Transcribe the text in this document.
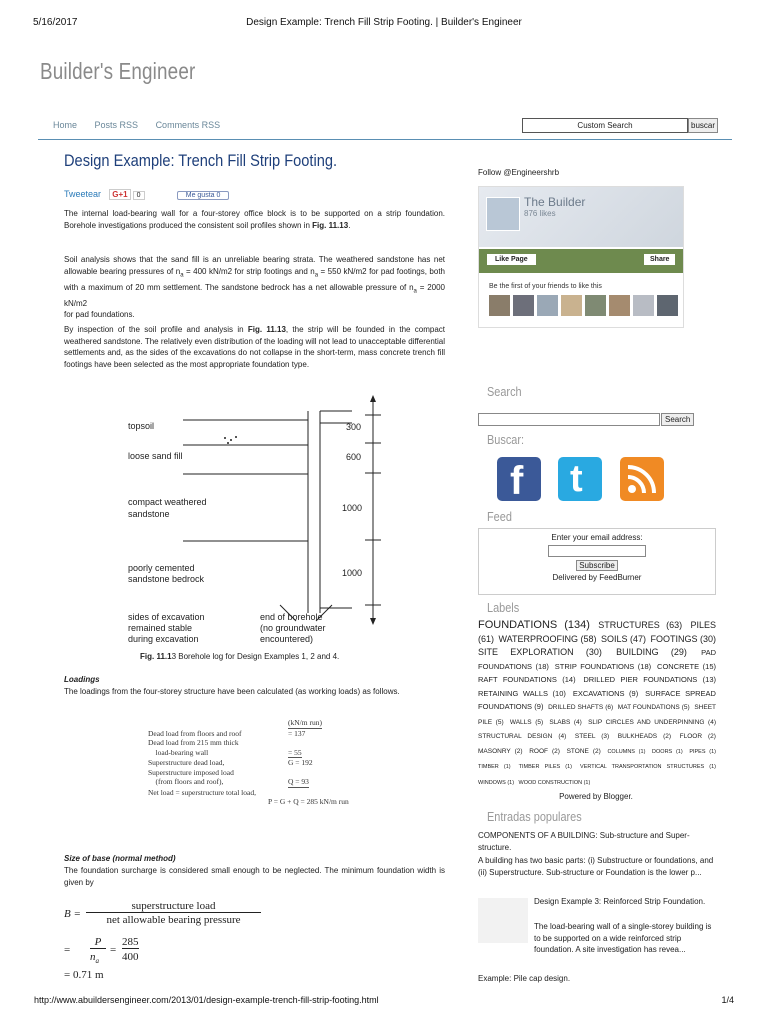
5/16/2017	Design Example: Trench Fill Strip Footing. | Builder's Engineer
Builder's Engineer
Home Posts RSS Comments RSS	Custom Search	buscar
Design Example: Trench Fill Strip Footing.
Tweetear G+1 0	Me gusta 0
The internal load-bearing wall for a four-storey office block is to be supported on a strip foundation. Borehole investigations produced the consistent soil profiles shown in Fig. 11.13.
Soil analysis shows that the sand fill is an unreliable bearing strata. The weathered sandstone has net allowable bearing pressures of $n_a = 400$ kN/m2 for strip footings and $n_a = 550$ kN/m2 for pad footings, both with a maximum of 20 mm settlement. The sandstone bedrock has a net allowable pressure of $n_a = 2000$ kN/m2
for pad foundations.
By inspection of the soil profile and analysis in Fig. 11.13, the strip will be founded in the compact weathered sandstone. The relatively even distribution of the loading will not lead to unacceptable differential settlements and, as the sides of the excavations do not collapse in the short-term, mass concrete trench fill footings have been selected as the most appropriate foundation type.
topsoil
loose sand fill
compact weathered
sandstone
poorly cemented
sandstone bedrock
300
600
1000
1000
sides of excavation
remained stable
during excavation
end of borehole
(no groundwater
encountered)
Fig. 11.13 Borehole log for Design Examples 1, 2 and 4.
Loadings
The loadings from the four-storey structure have been calculated (as working loads) as follows.
(kN/m run)
Dead load from floors and roof	= 137
Dead load from 215 mm thick
load-bearing wall	= 55
Superstructure dead load,	G = 192
Superstructure imposed load
(from floors and roof),	Q = 93
Net load = superstructure total load,
P = G + Q = 285 kN/m run
Size of base (normal method)
The foundation surcharge is considered small enough to be neglected. The minimum foundation width is given by
B =
superstructure load
net allowable bearing pressure
=
P
$n_a$
=
285
400
= 0.71 m
Follow @Engineershrb
The Builder
876 likes
Like Page	Share
Be the first of your friends to like this
Search
Search
Buscar:
f t
Feed
Enter your email address:
Subscribe
Delivered by FeedBurner
Labels
FOUNDATIONS (134) STRUCTURES (63) PILES (61) WATERPROOFING (58) SOILS (47) FOOTINGS (30) SITE EXPLORATION (30) BUILDING (29) PAD FOUNDATIONS (18) STRIP FOUNDATIONS (18) CONCRETE (15) RAFT FOUNDATIONS (14) DRILLED PIER FOUNDATIONS (13) RETAINING WALLS (10) EXCAVATIONS (9) SURFACE SPREAD FOUNDATIONS (9) DRILLED SHAFTS (6) MAT FOUNDATIONS (5) SHEET PILE (5) WALLS (5) SLABS (4) SLIP CIRCLES AND UNDERPINNING (4) STRUCTURAL DESIGN (4) STEEL (3) BULKHEADS (2) FLOOR (2) MASONRY (2) ROOF (2) STONE (2) COLUMNS (1) DOORS (1) PIPES (1) TIMBER (1) TIMBER PILES (1) VERTICAL TRANSPORTATION STRUCTURES (1) WINDOWS (1) WOOD CONSTRUCTION (1)
Powered by Blogger.
Entradas populares
COMPONENTS OF A BUILDING: Sub-structure and Super-structure.
A building has two basic parts: (i) Substructure or foundations, and (ii) Superstructure. Sub-structure or Foundation is the lower p...
Design Example 3: Reinforced Strip Foundation.
The load-bearing wall of a single-storey building is to be supported on a wide reinforced strip foundation. A site investigation has revea...
Example: Pile cap design.
http://www.abuildersengineer.com/2013/01/design-example-trench-fill-strip-footing.html	1/4
